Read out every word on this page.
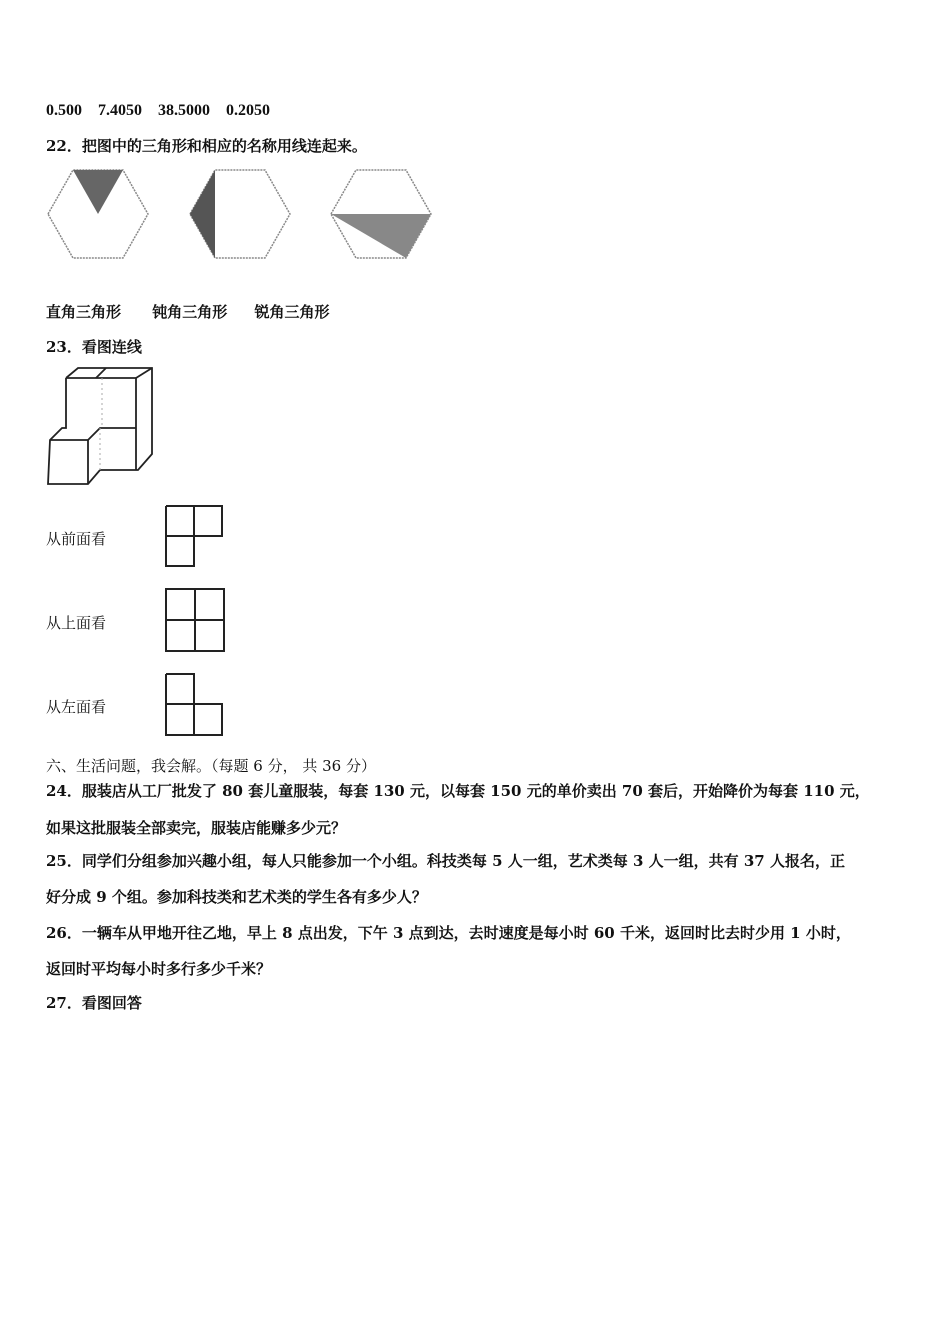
0.500 7.4050 38.5000 0.2050
22．把图中的三角形和相应的名称用线连起来。
直角三角形 钝角三角形 锐角三角形
23．看图连线
从前面看
从上面看
从左面看
六、生活问题，我会解。（每题 6 分， 共 36 分）
24．服装店从工厂批发了 80 套儿童服装，每套 130 元，以每套 150 元的单价卖出 70 套后，开始降价为每套 110 元，
如果这批服装全部卖完，服装店能赚多少元？
25．同学们分组参加兴趣小组，每人只能参加一个小组。科技类每 5 人一组，艺术类每 3 人一组，共有 37 人报名，正
好分成 9 个组。参加科技类和艺术类的学生各有多少人？
26．一辆车从甲地开往乙地，早上 8 点出发，下午 3 点到达，去时速度是每小时 60 千米，返回时比去时少用 1 小时，
返回时平均每小时多行多少千米？
27．看图回答
